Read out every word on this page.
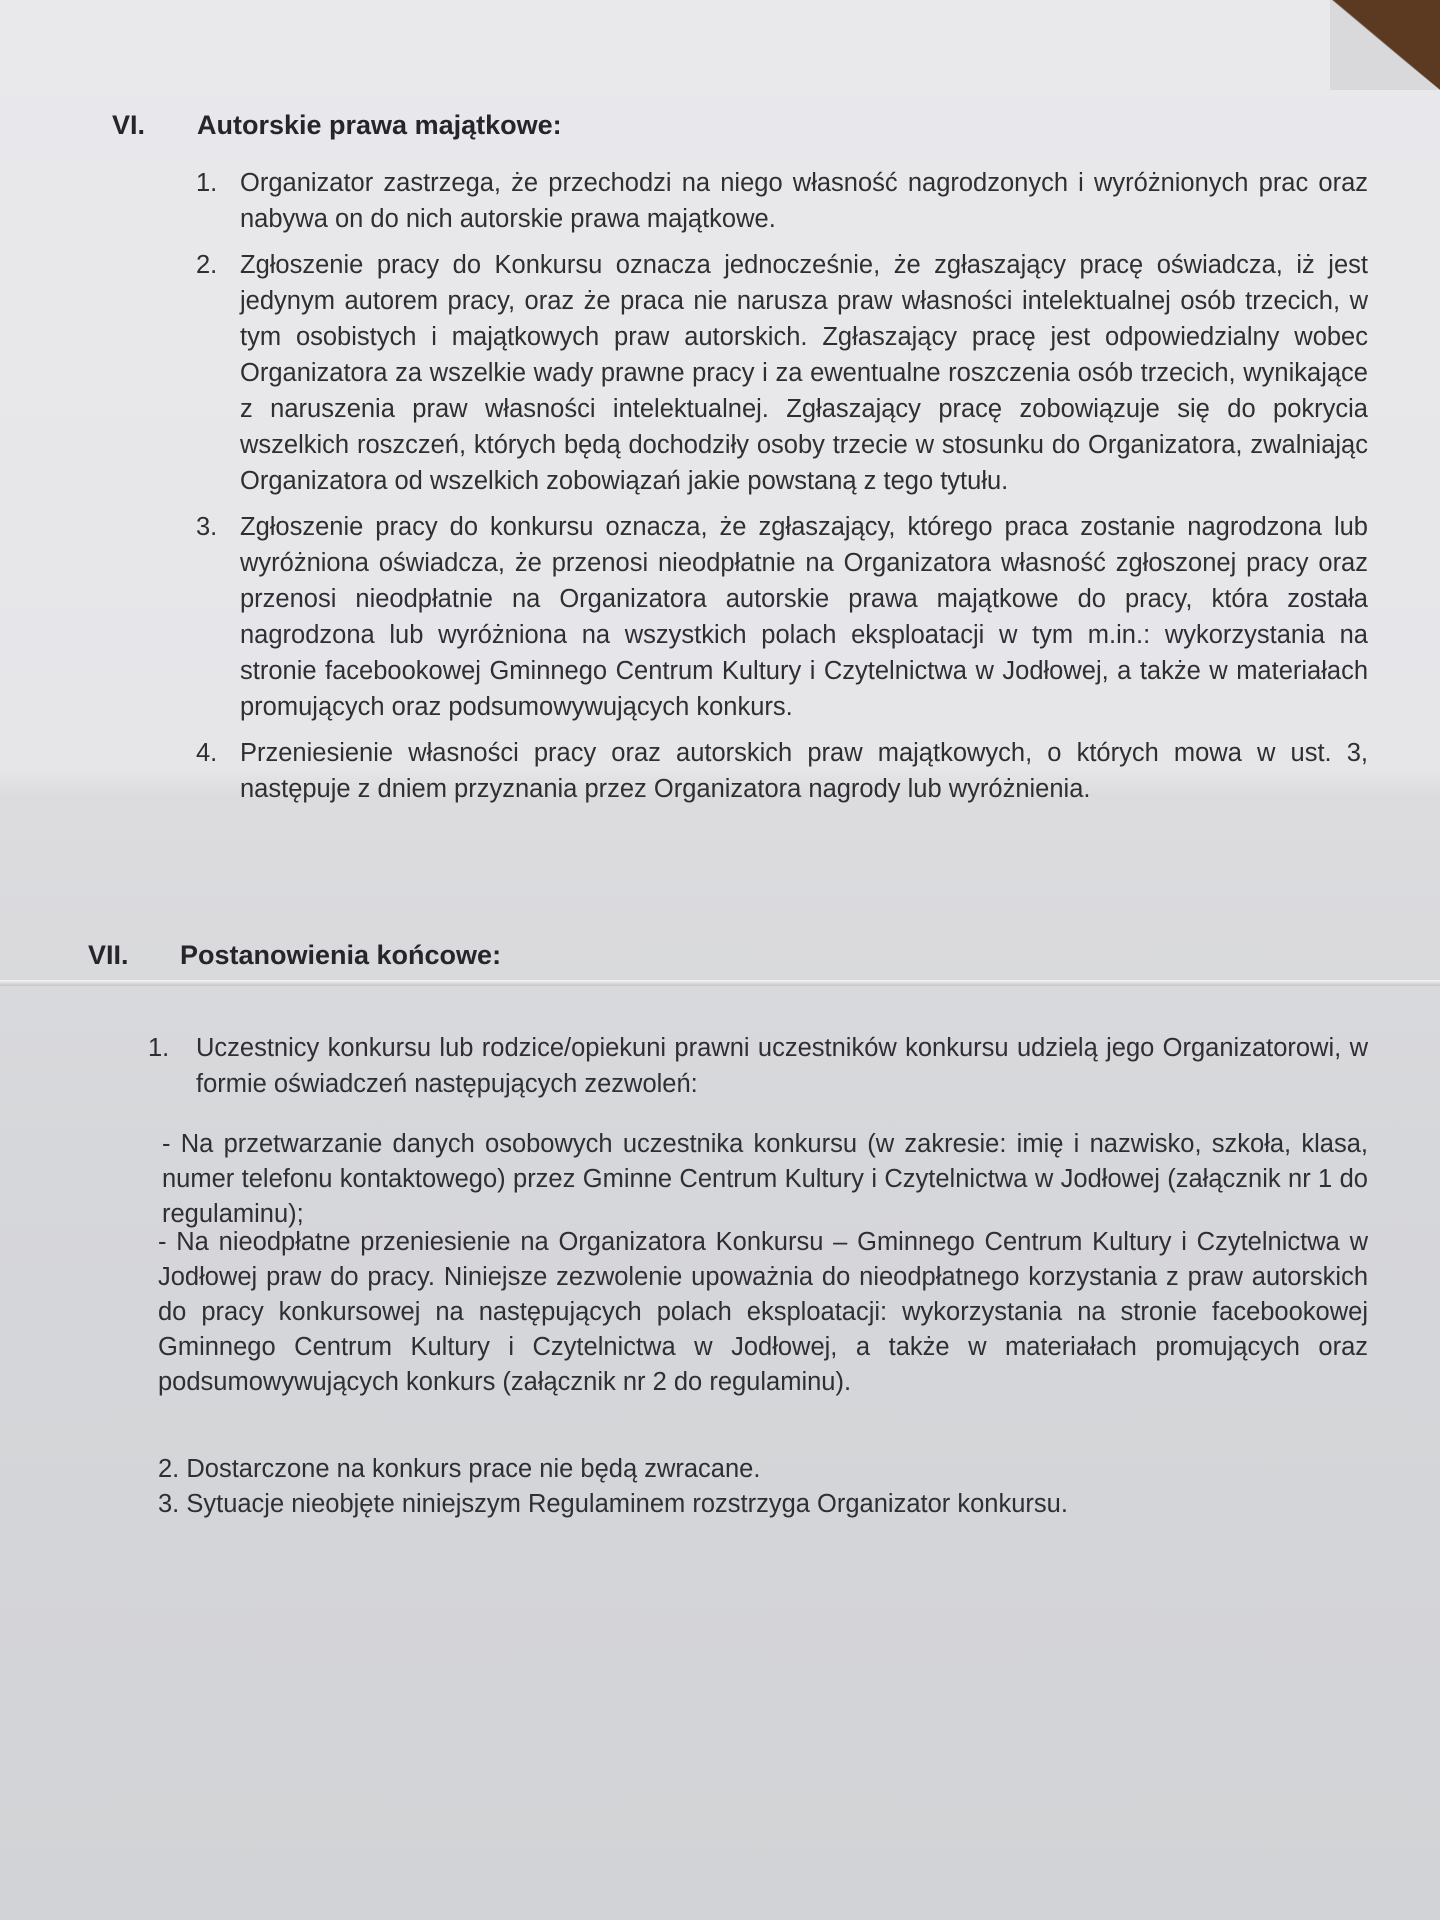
VI.	Autorskie prawa majątkowe:
1. Organizator zastrzega, że przechodzi na niego własność nagrodzonych i wyróżnionych prac oraz nabywa on do nich autorskie prawa majątkowe.
2. Zgłoszenie pracy do Konkursu oznacza jednocześnie, że zgłaszający pracę oświadcza, iż jest jedynym autorem pracy, oraz że praca nie narusza praw własności intelektualnej osób trzecich, w tym osobistych i majątkowych praw autorskich. Zgłaszający pracę jest odpowiedzialny wobec Organizatora za wszelkie wady prawne pracy i za ewentualne roszczenia osób trzecich, wynikające z naruszenia praw własności intelektualnej. Zgłaszający pracę zobowiązuje się do pokrycia wszelkich roszczeń, których będą dochodziły osoby trzecie w stosunku do Organizatora, zwalniając Organizatora od wszelkich zobowiązań jakie powstaną z tego tytułu.
3. Zgłoszenie pracy do konkursu oznacza, że zgłaszający, którego praca zostanie nagrodzona lub wyróżniona oświadcza, że przenosi nieodpłatnie na Organizatora własność zgłoszonej pracy oraz przenosi nieodpłatnie na Organizatora autorskie prawa majątkowe do pracy, która została nagrodzona lub wyróżniona na wszystkich polach eksploatacji w tym m.in.: wykorzystania na stronie facebookowej Gminnego Centrum Kultury i Czytelnictwa w Jodłowej, a także w materiałach promujących oraz podsumowywujących konkurs.
4. Przeniesienie własności pracy oraz autorskich praw majątkowych, o których mowa w ust. 3, następuje z dniem przyznania przez Organizatora nagrody lub wyróżnienia.
VII.	Postanowienia końcowe:
1.	Uczestnicy konkursu lub rodzice/opiekuni prawni uczestników konkursu udzielą jego Organizatorowi, w formie oświadczeń następujących zezwoleń:
- Na przetwarzanie danych osobowych uczestnika konkursu (w zakresie: imię i nazwisko, szkoła, klasa, numer telefonu kontaktowego) przez Gminne Centrum Kultury i Czytelnictwa w Jodłowej (załącznik nr 1 do regulaminu);
- Na nieodpłatne przeniesienie na Organizatora Konkursu – Gminnego Centrum Kultury i Czytelnictwa w Jodłowej praw do pracy. Niniejsze zezwolenie upoważnia do nieodpłatnego korzystania z praw autorskich do pracy konkursowej na następujących polach eksploatacji: wykorzystania na stronie facebookowej Gminnego Centrum Kultury i Czytelnictwa w Jodłowej, a także w materiałach promujących oraz podsumowywujących konkurs (załącznik nr 2 do regulaminu).
2. Dostarczone na konkurs prace nie będą zwracane.
3. Sytuacje nieobjęte niniejszym Regulaminem rozstrzyga Organizator konkursu.
